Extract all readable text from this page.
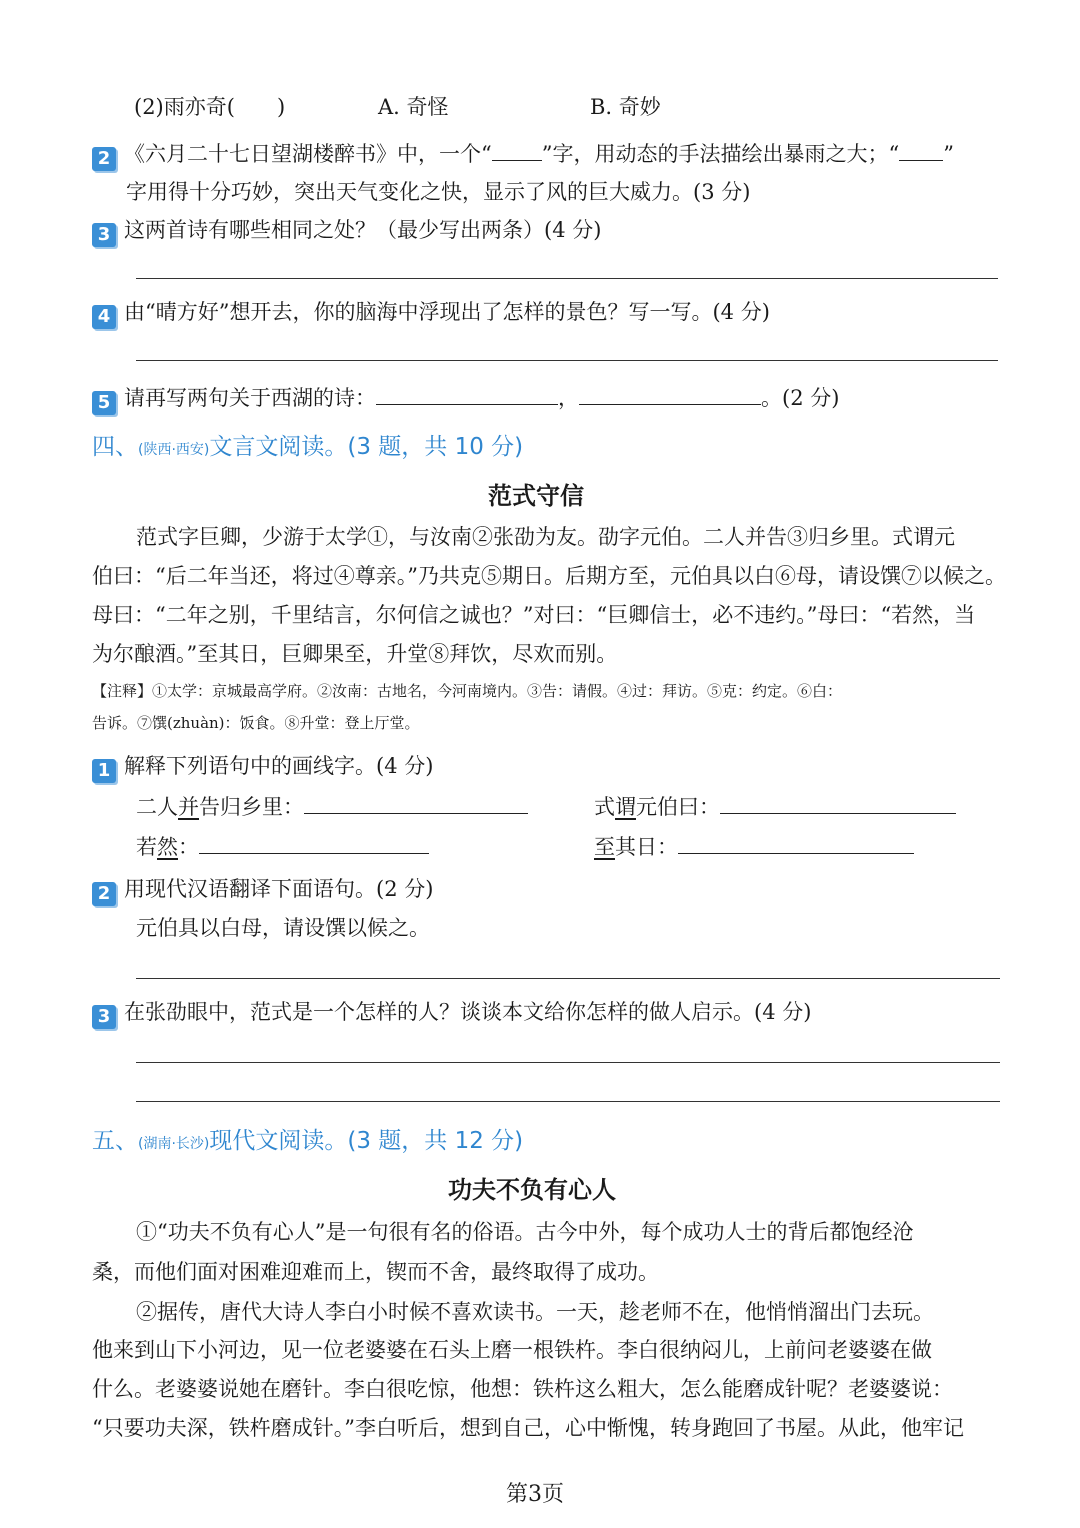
(2)雨亦奇(　　)	A. 奇怪	B. 奇妙
2 《六月二十七日望湖楼醉书》中，一个“ ”字，用动态的手法描绘出暴雨之大；“ ”
字用得十分巧妙，突出天气变化之快，显示了风的巨大威力。(3 分)
3 这两首诗有哪些相同之处？（最少写出两条）(4 分)
4 由“晴方好”想开去，你的脑海中浮现出了怎样的景色？写一写。(4 分)
5 请再写两句关于西湖的诗：	，	。(2 分)
四、(陕西·西安)文言文阅读。(3 题，共 10 分)
范式守信
范式字巨卿，少游于太学①，与汝南②张劭为友。劭字元伯。二人并告③归乡里。式谓元
伯曰：“后二年当还，将过④尊亲。”乃共克⑤期日。后期方至，元伯具以白⑥母，请设馔⑦以候之。
母曰：“二年之别，千里结言，尔何信之诚也？”对曰：“巨卿信士，必不违约。”母曰：“若然，当
为尔酿酒。”至其日，巨卿果至，升堂⑧拜饮，尽欢而别。
【注释】①太学：京城最高学府。②汝南：古地名，今河南境内。③告：请假。④过：拜访。⑤克：约定。⑥白：
告诉。⑦馔(zhuàn)：饭食。⑧升堂：登上厅堂。
1 解释下列语句中的画线字。(4 分)
二人并告归乡里：	式谓元伯曰：
若然：	至其日：
2 用现代汉语翻译下面语句。(2 分)
元伯具以白母，请设馔以候之。
3 在张劭眼中，范式是一个怎样的人？谈谈本文给你怎样的做人启示。(4 分)
五、(湖南·长沙)现代文阅读。(3 题，共 12 分)
功夫不负有心人
①“功夫不负有心人”是一句很有名的俗语。古今中外，每个成功人士的背后都饱经沧
桑，而他们面对困难迎难而上，锲而不舍，最终取得了成功。
②据传，唐代大诗人李白小时候不喜欢读书。一天，趁老师不在，他悄悄溜出门去玩。
他来到山下小河边，见一位老婆婆在石头上磨一根铁杵。李白很纳闷儿，上前问老婆婆在做
什么。老婆婆说她在磨针。李白很吃惊，他想：铁杵这么粗大，怎么能磨成针呢？老婆婆说：
“只要功夫深，铁杵磨成针。”李白听后，想到自己，心中惭愧，转身跑回了书屋。从此，他牢记
第3页
